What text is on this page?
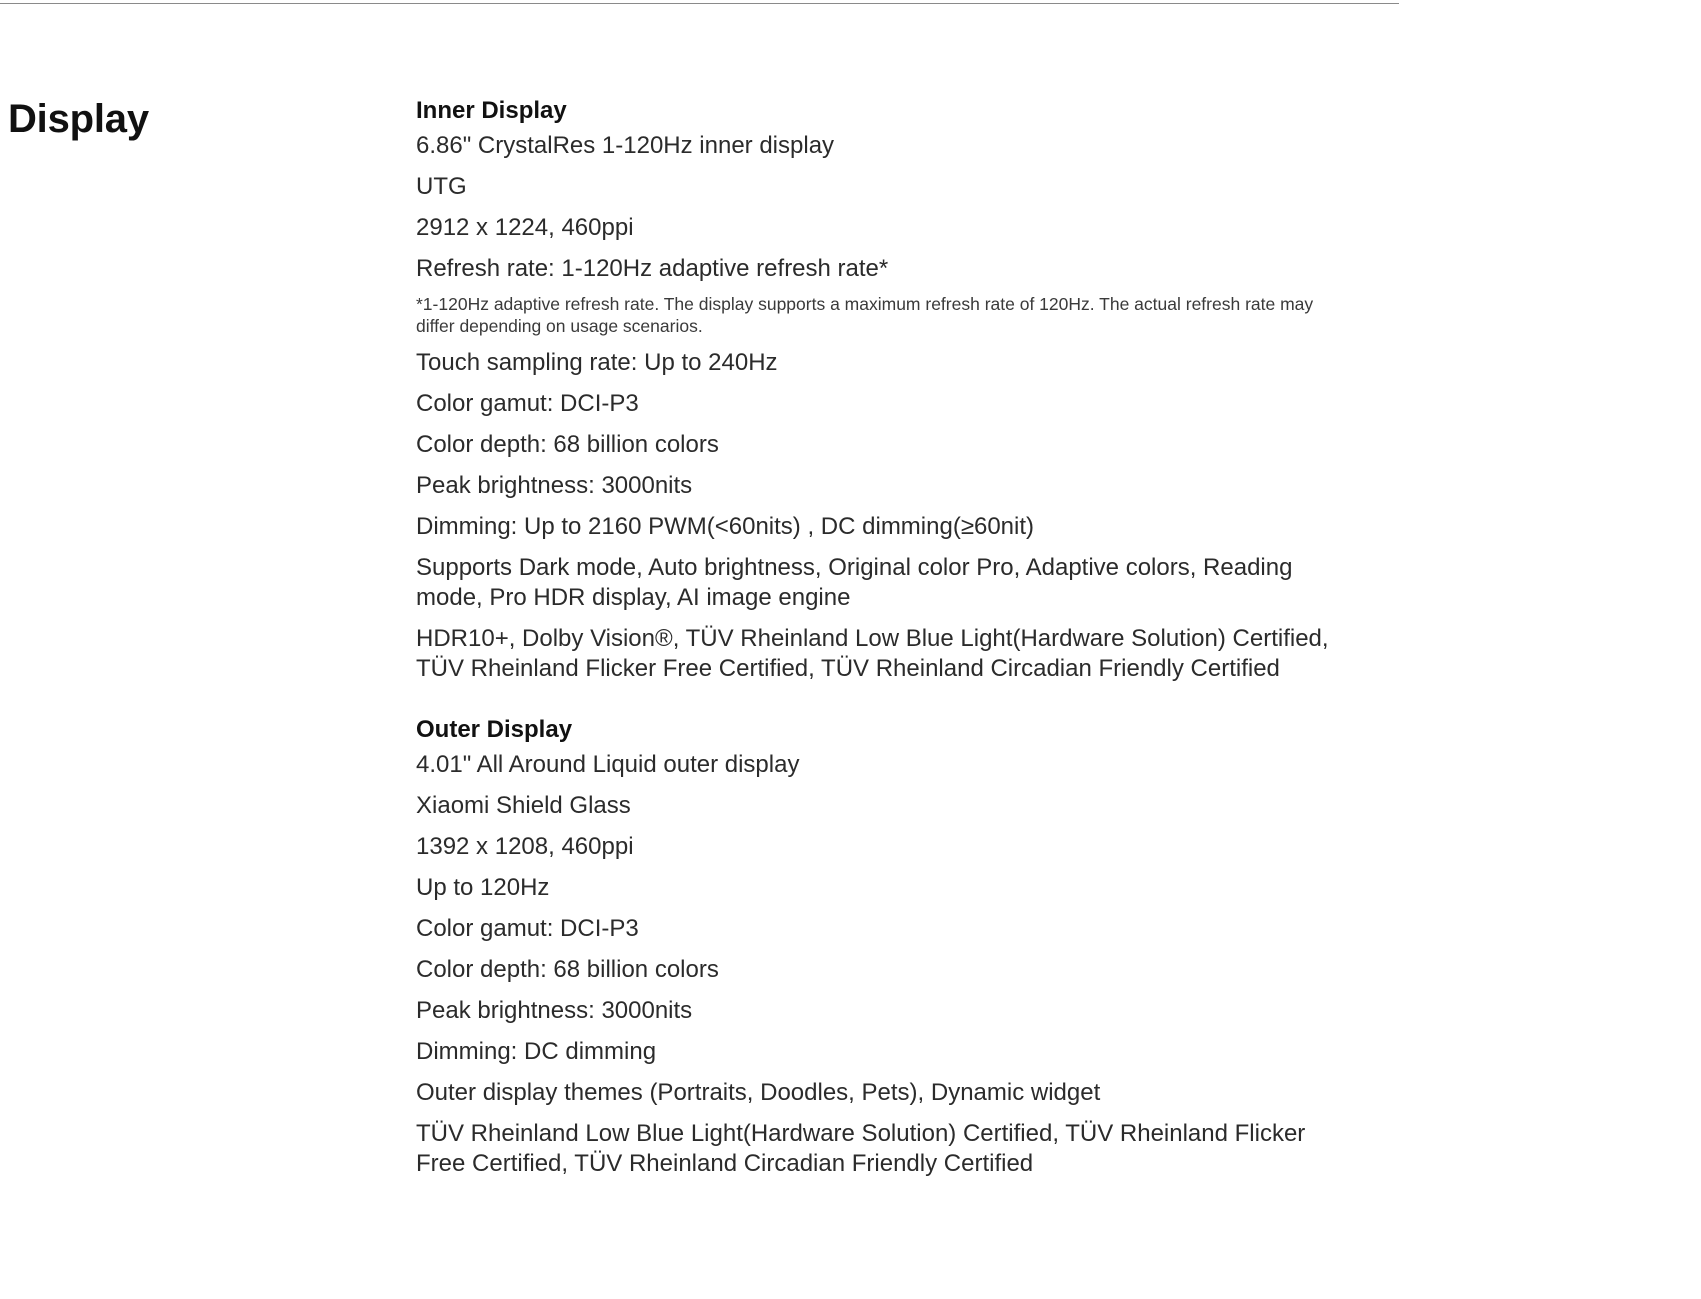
Display	Inner Display

6.86" CrystalRes 1-120Hz inner display

UTG

2912 x 1224, 460ppi

Refresh rate: 1-120Hz adaptive refresh rate*

*1-120Hz adaptive refresh rate. The display supports a maximum refresh rate of 120Hz. The actual refresh rate may differ depending on usage scenarios.

Touch sampling rate: Up to 240Hz

Color gamut: DCI-P3

Color depth: 68 billion colors

Peak brightness: 3000nits

Dimming: Up to 2160 PWM(<60nits) , DC dimming(≥60nit)

Supports Dark mode, Auto brightness, Original color Pro, Adaptive colors, Reading mode, Pro HDR display, AI image engine

HDR10+, Dolby Vision®, TÜV Rheinland Low Blue Light(Hardware Solution) Certified, TÜV Rheinland Flicker Free Certified, TÜV Rheinland Circadian Friendly Certified

Outer Display

4.01" All Around Liquid outer display

Xiaomi Shield Glass

1392 x 1208, 460ppi

Up to 120Hz

Color gamut: DCI-P3

Color depth: 68 billion colors

Peak brightness: 3000nits

Dimming: DC dimming

Outer display themes (Portraits, Doodles, Pets), Dynamic widget

TÜV Rheinland Low Blue Light(Hardware Solution) Certified, TÜV Rheinland Flicker Free Certified, TÜV Rheinland Circadian Friendly Certified
